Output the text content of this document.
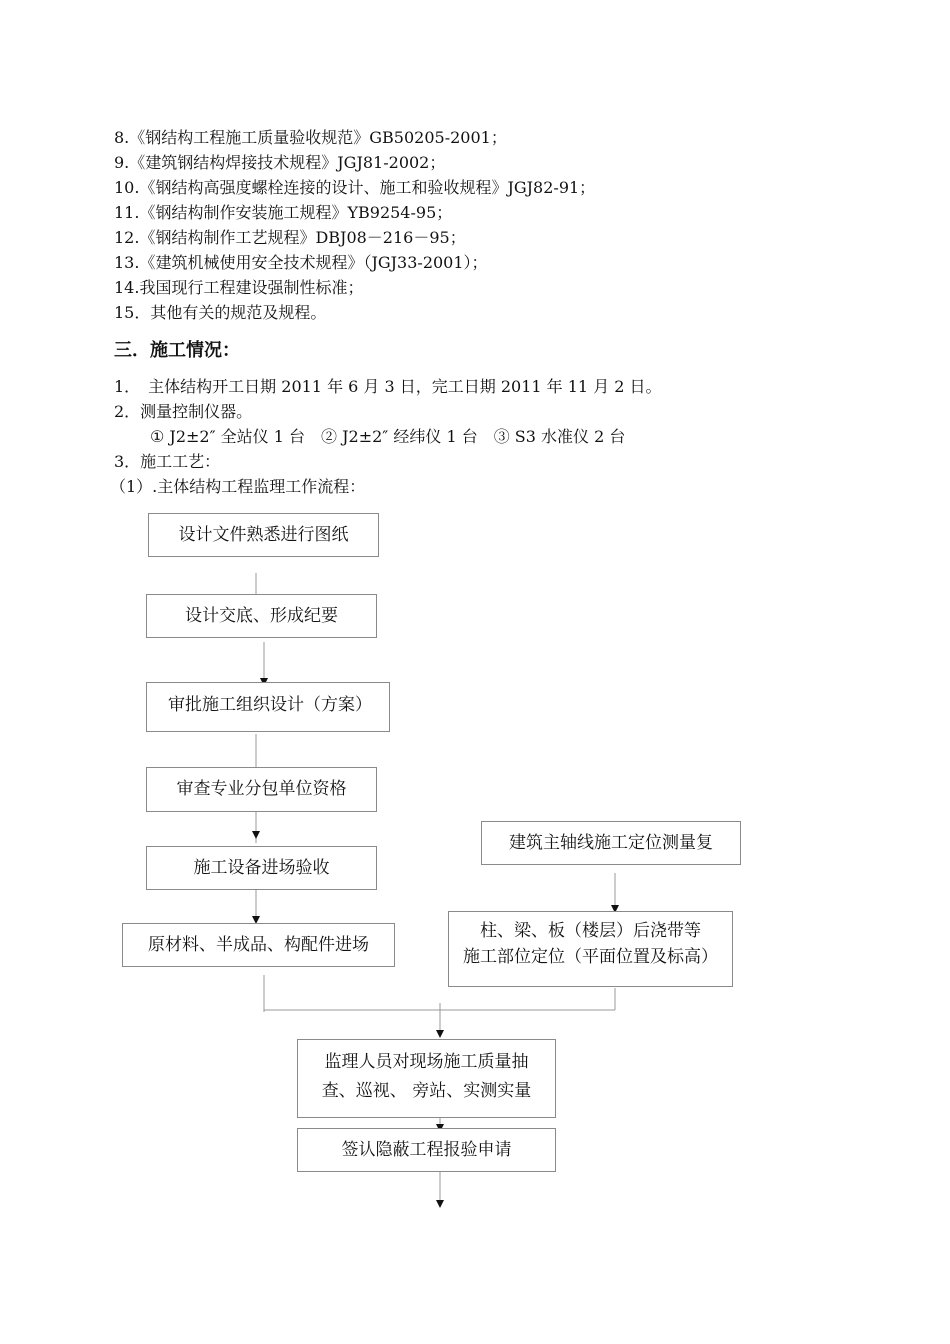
8.《钢结构工程施工质量验收规范》GB50205-2001；
9.《建筑钢结构焊接技术规程》JGJ81-2002；
10.《钢结构高强度螺栓连接的设计、施工和验收规程》JGJ82-91；
11.《钢结构制作安装施工规程》YB9254-95；
12.《钢结构制作工艺规程》DBJ08－216－95；
13.《建筑机械使用安全技术规程》（JGJ33-2001）；
14.我国现行工程建设强制性标准；
15．其他有关的规范及规程。
三．施工情况：
1．　主体结构开工日期 2011 年 6 月 3 日，完工日期 2011 年 11 月 2 日。
2．测量控制仪器。
① J2±2″ 全站仪 1 台　② J2±2″ 经纬仪 1 台　③ S3 水准仪 2 台
3．施工工艺：
（1）.主体结构工程监理工作流程：
设计文件熟悉进行图纸
设计交底、形成纪要
审批施工组织设计（方案）
审查专业分包单位资格
施工设备进场验收
原材料、半成品、构配件进场
建筑主轴线施工定位测量复
柱、梁、板（楼层）后浇带等
施工部位定位（平面位置及标高）
监理人员对现场施工质量抽
查、巡视、 旁站、实测实量
签认隐蔽工程报验申请
